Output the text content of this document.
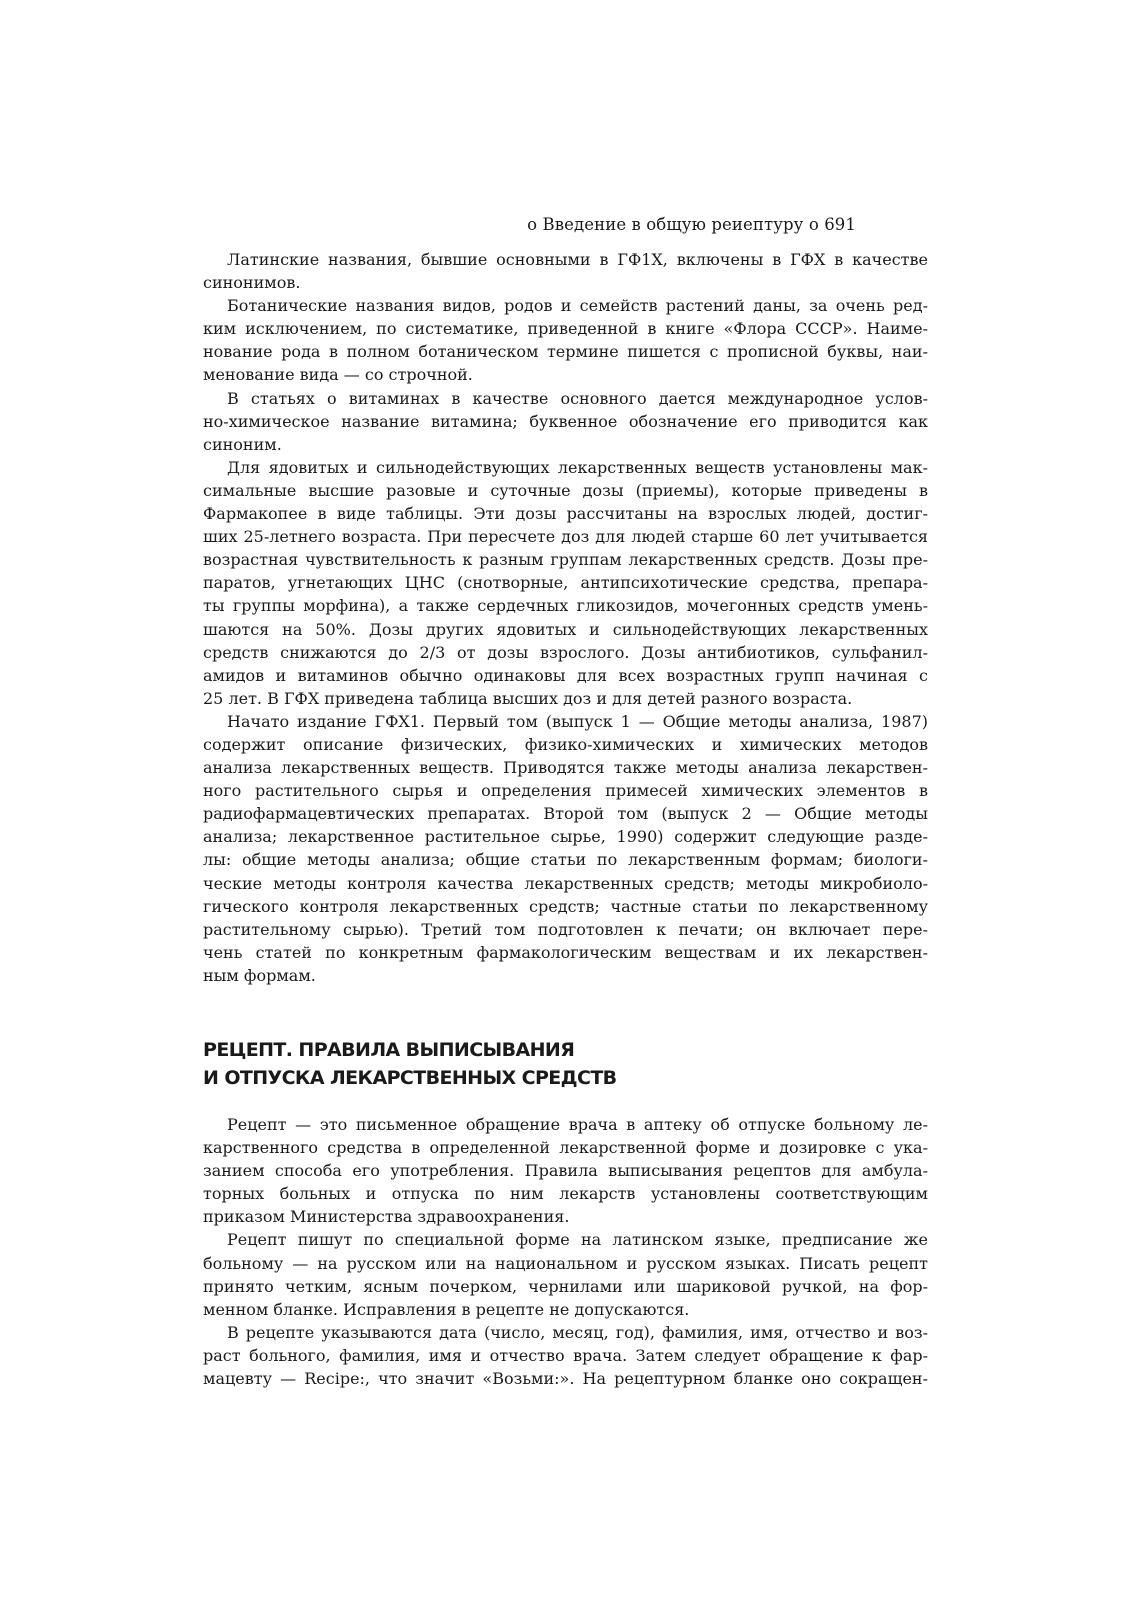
о Введение в общую реиептуру о 691
Латинские названия, бывшие основными в ГФ1Х, включены в ГФХ в качестве
синонимов.
Ботанические названия видов, родов и семейств растений даны, за очень ред-
ким исключением, по систематике, приведенной в книге «Флора СССР». Наиме-
нование рода в полном ботаническом термине пишется с прописной буквы, наи-
менование вида — со строчной.
В статьях о витаминах в качестве основного дается международное услов-
но-химическое название витамина; буквенное обозначение его приводится как
синоним.
Для ядовитых и сильнодействующих лекарственных веществ установлены мак-
симальные высшие разовые и суточные дозы (приемы), которые приведены в
Фармакопее в виде таблицы. Эти дозы рассчитаны на взрослых людей, достиг-
ших 25-летнего возраста. При пересчете доз для людей старше 60 лет учитывается
возрастная чувствительность к разным группам лекарственных средств. Дозы пре-
паратов, угнетающих ЦНС (снотворные, антипсихотические средства, препара-
ты группы морфина), а также сердечных гликозидов, мочегонных средств умень-
шаются на 50%. Дозы других ядовитых и сильнодействующих лекарственных
средств снижаются до 2/3 от дозы взрослого. Дозы антибиотиков, сульфанил-
амидов и витаминов обычно одинаковы для всех возрастных групп начиная с
25 лет. В ГФХ приведена таблица высших доз и для детей разного возраста.
Начато издание ГФХ1. Первый том (выпуск 1 — Общие методы анализа, 1987)
содержит описание физических, физико-химических и химических методов
анализа лекарственных веществ. Приводятся также методы анализа лекарствен-
ного растительного сырья и определения примесей химических элементов в
радиофармацевтических препаратах. Второй том (выпуск 2 — Общие методы
анализа; лекарственное растительное сырье, 1990) содержит следующие разде-
лы: общие методы анализа; общие статьи по лекарственным формам; биологи-
ческие методы контроля качества лекарственных средств; методы микробиоло-
гического контроля лекарственных средств; частные статьи по лекарственному
растительному сырью). Третий том подготовлен к печати; он включает пере-
чень статей по конкретным фармакологическим веществам и их лекарствен-
ным формам.
РЕЦЕПТ. ПРАВИЛА ВЫПИСЫВАНИЯ
И ОТПУСКА ЛЕКАРСТВЕННЫХ СРЕДСТВ
Рецепт — это письменное обращение врача в аптеку об отпуске больному ле-
карственного средства в определенной лекарственной форме и дозировке с ука-
занием способа его употребления. Правила выписывания рецептов для амбула-
торных больных и отпуска по ним лекарств установлены соответствующим
приказом Министерства здравоохранения.
Рецепт пишут по специальной форме на латинском языке, предписание же
больному — на русском или на национальном и русском языках. Писать рецепт
принято четким, ясным почерком, чернилами или шариковой ручкой, на фор-
менном бланке. Исправления в рецепте не допускаются.
В рецепте указываются дата (число, месяц, год), фамилия, имя, отчество и воз-
раст больного, фамилия, имя и отчество врача. Затем следует обращение к фар-
мацевту — Recipe:, что значит «Возьми:». На рецептурном бланке оно сокращен-
